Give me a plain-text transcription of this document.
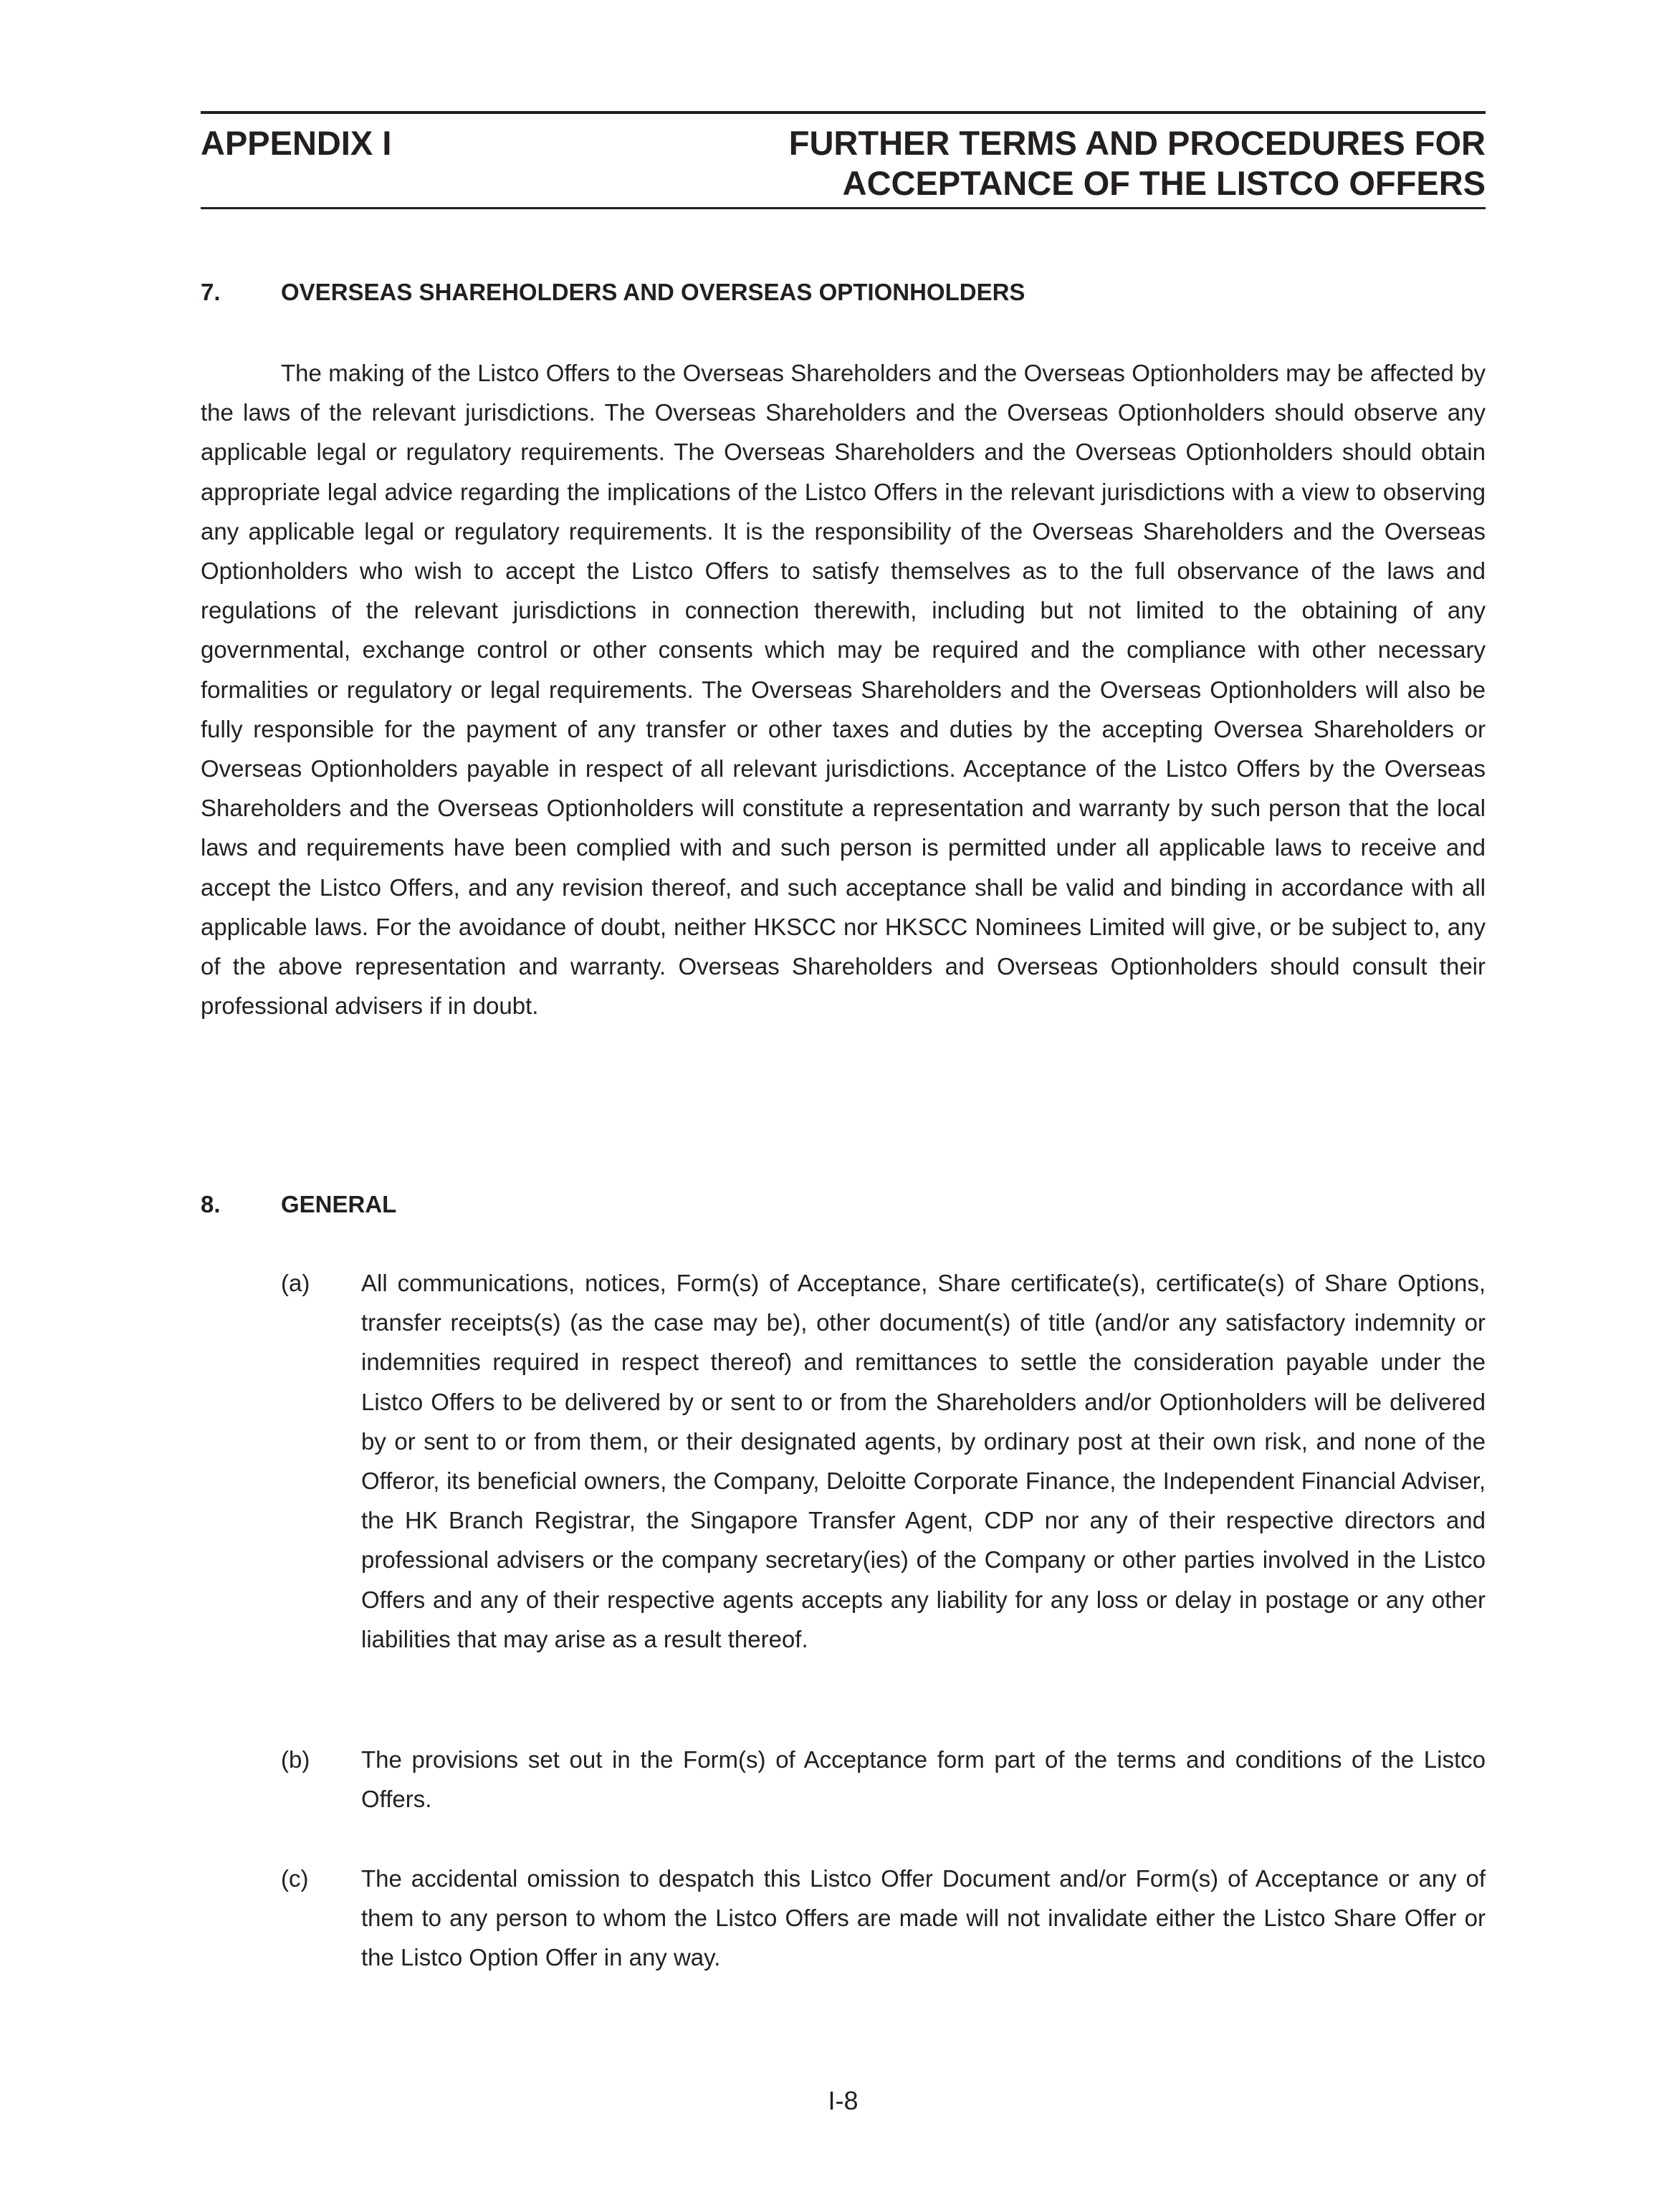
APPENDIX I	FURTHER TERMS AND PROCEDURES FOR
ACCEPTANCE OF THE LISTCO OFFERS
7.	OVERSEAS SHAREHOLDERS AND OVERSEAS OPTIONHOLDERS

The making of the Listco Offers to the Overseas Shareholders and the Overseas Optionholders may be affected by the laws of the relevant jurisdictions. The Overseas Shareholders and the Overseas Optionholders should observe any applicable legal or regulatory requirements. The Overseas Shareholders and the Overseas Optionholders should obtain appropriate legal advice regarding the implications of the Listco Offers in the relevant jurisdictions with a view to observing any applicable legal or regulatory requirements. It is the responsibility of the Overseas Shareholders and the Overseas Optionholders who wish to accept the Listco Offers to satisfy themselves as to the full observance of the laws and regulations of the relevant jurisdictions in connection therewith, including but not limited to the obtaining of any governmental, exchange control or other consents which may be required and the compliance with other necessary formalities or regulatory or legal requirements. The Overseas Shareholders and the Overseas Optionholders will also be fully responsible for the payment of any transfer or other taxes and duties by the accepting Oversea Shareholders or Overseas Optionholders payable in respect of all relevant jurisdictions. Acceptance of the Listco Offers by the Overseas Shareholders and the Overseas Optionholders will constitute a representation and warranty by such person that the local laws and requirements have been complied with and such person is permitted under all applicable laws to receive and accept the Listco Offers, and any revision thereof, and such acceptance shall be valid and binding in accordance with all applicable laws. For the avoidance of doubt, neither HKSCC nor HKSCC Nominees Limited will give, or be subject to, any of the above representation and warranty. Overseas Shareholders and Overseas Optionholders should consult their professional advisers if in doubt.

8.	GENERAL
(a) All communications, notices, Form(s) of Acceptance, Share certificate(s), certificate(s) of Share Options, transfer receipts(s) (as the case may be), other document(s) of title (and/or any satisfactory indemnity or indemnities required in respect thereof) and remittances to settle the consideration payable under the Listco Offers to be delivered by or sent to or from the Shareholders and/or Optionholders will be delivered by or sent to or from them, or their designated agents, by ordinary post at their own risk, and none of the Offeror, its beneficial owners, the Company, Deloitte Corporate Finance, the Independent Financial Adviser, the HK Branch Registrar, the Singapore Transfer Agent, CDP nor any of their respective directors and professional advisers or the company secretary(ies) of the Company or other parties involved in the Listco Offers and any of their respective agents accepts any liability for any loss or delay in postage or any other liabilities that may arise as a result thereof.
(b) The provisions set out in the Form(s) of Acceptance form part of the terms and conditions of the Listco Offers.
(c) The accidental omission to despatch this Listco Offer Document and/or Form(s) of Acceptance or any of them to any person to whom the Listco Offers are made will not invalidate either the Listco Share Offer or the Listco Option Offer in any way.
I-8
